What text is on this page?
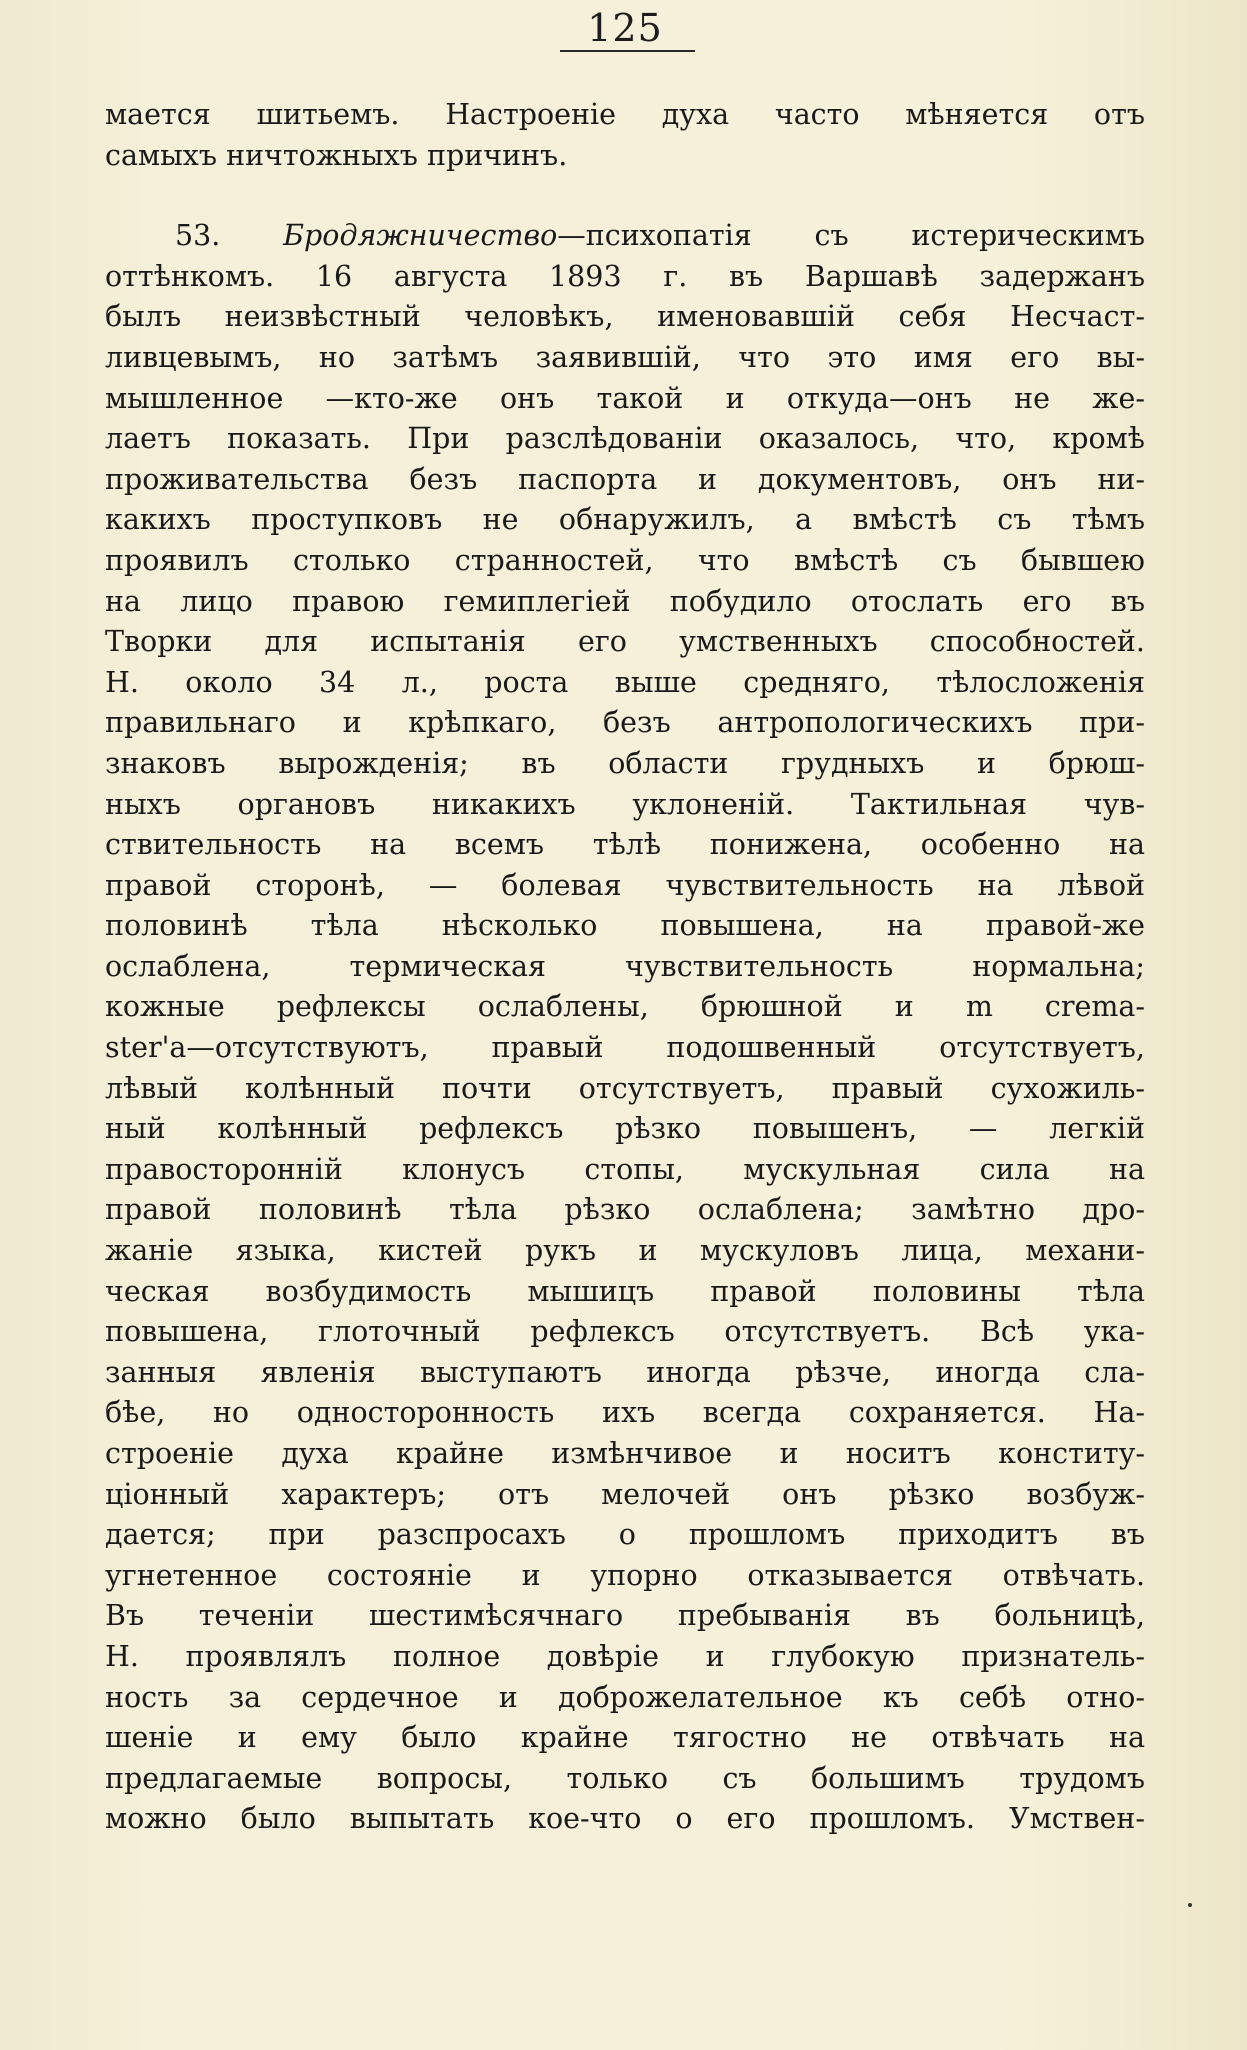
125
мается шитьемъ. Настроеніе духа часто мѣняется отъ
самыхъ ничтожныхъ причинъ.
53. Бродяжничество—психопатія съ истерическимъ
оттѣнкомъ. 16 августа 1893 г. въ Варшавѣ задержанъ
былъ неизвѣстный человѣкъ, именовавшій себя Несчаст-
ливцевымъ, но затѣмъ заявившій, что это имя его вы-
мышленное —кто-же онъ такой и откуда—онъ не же-
лаетъ показать. При разслѣдованіи оказалось, что, кромѣ
проживательства безъ паспорта и документовъ, онъ ни-
какихъ проступковъ не обнаружилъ, а вмѣстѣ съ тѣмъ
проявилъ столько странностей, что вмѣстѣ съ бывшею
на лицо правою гемиплегіей побудило отослать его въ
Творки для испытанія его умственныхъ способностей.
Н. около 34 л., роста выше средняго, тѣлосложенія
правильнаго и крѣпкаго, безъ антропологическихъ при-
знаковъ вырожденія; въ области грудныхъ и брюш-
ныхъ органовъ никакихъ уклоненій. Тактильная чув-
ствительность на всемъ тѣлѣ понижена, особенно на
правой сторонѣ, — болевая чувствительность на лѣвой
половинѣ тѣла нѣсколько повышена, на правой-же
ослаблена, термическая чувствительность нормальна;
кожные рефлексы ослаблены, брюшной и m crema-
ster'a—отсутствуютъ, правый подошвенный отсутствуетъ,
лѣвый колѣнный почти отсутствуетъ, правый сухожиль-
ный колѣнный рефлексъ рѣзко повышенъ, — легкій
правосторонній клонусъ стопы, мускульная сила на
правой половинѣ тѣла рѣзко ослаблена; замѣтно дро-
жаніе языка, кистей рукъ и мускуловъ лица, механи-
ческая возбудимость мышицъ правой половины тѣла
повышена, глоточный рефлексъ отсутствуетъ. Всѣ ука-
занныя явленія выступаютъ иногда рѣзче, иногда сла-
бѣе, но односторонность ихъ всегда сохраняется. На-
строеніе духа крайне измѣнчивое и носитъ конститу-
ціонный характеръ; отъ мелочей онъ рѣзко возбуж-
дается; при разспросахъ о прошломъ приходитъ въ
угнетенное состояніе и упорно отказывается отвѣчать.
Въ теченіи шестимѣсячнаго пребыванія въ больницѣ,
Н. проявлялъ полное довѣріе и глубокую признатель-
ность за сердечное и доброжелательное къ себѣ отно-
шеніе и ему было крайне тягостно не отвѣчать на
предлагаемые вопросы, только съ большимъ трудомъ
можно было выпытать кое-что о его прошломъ. Умствен-
